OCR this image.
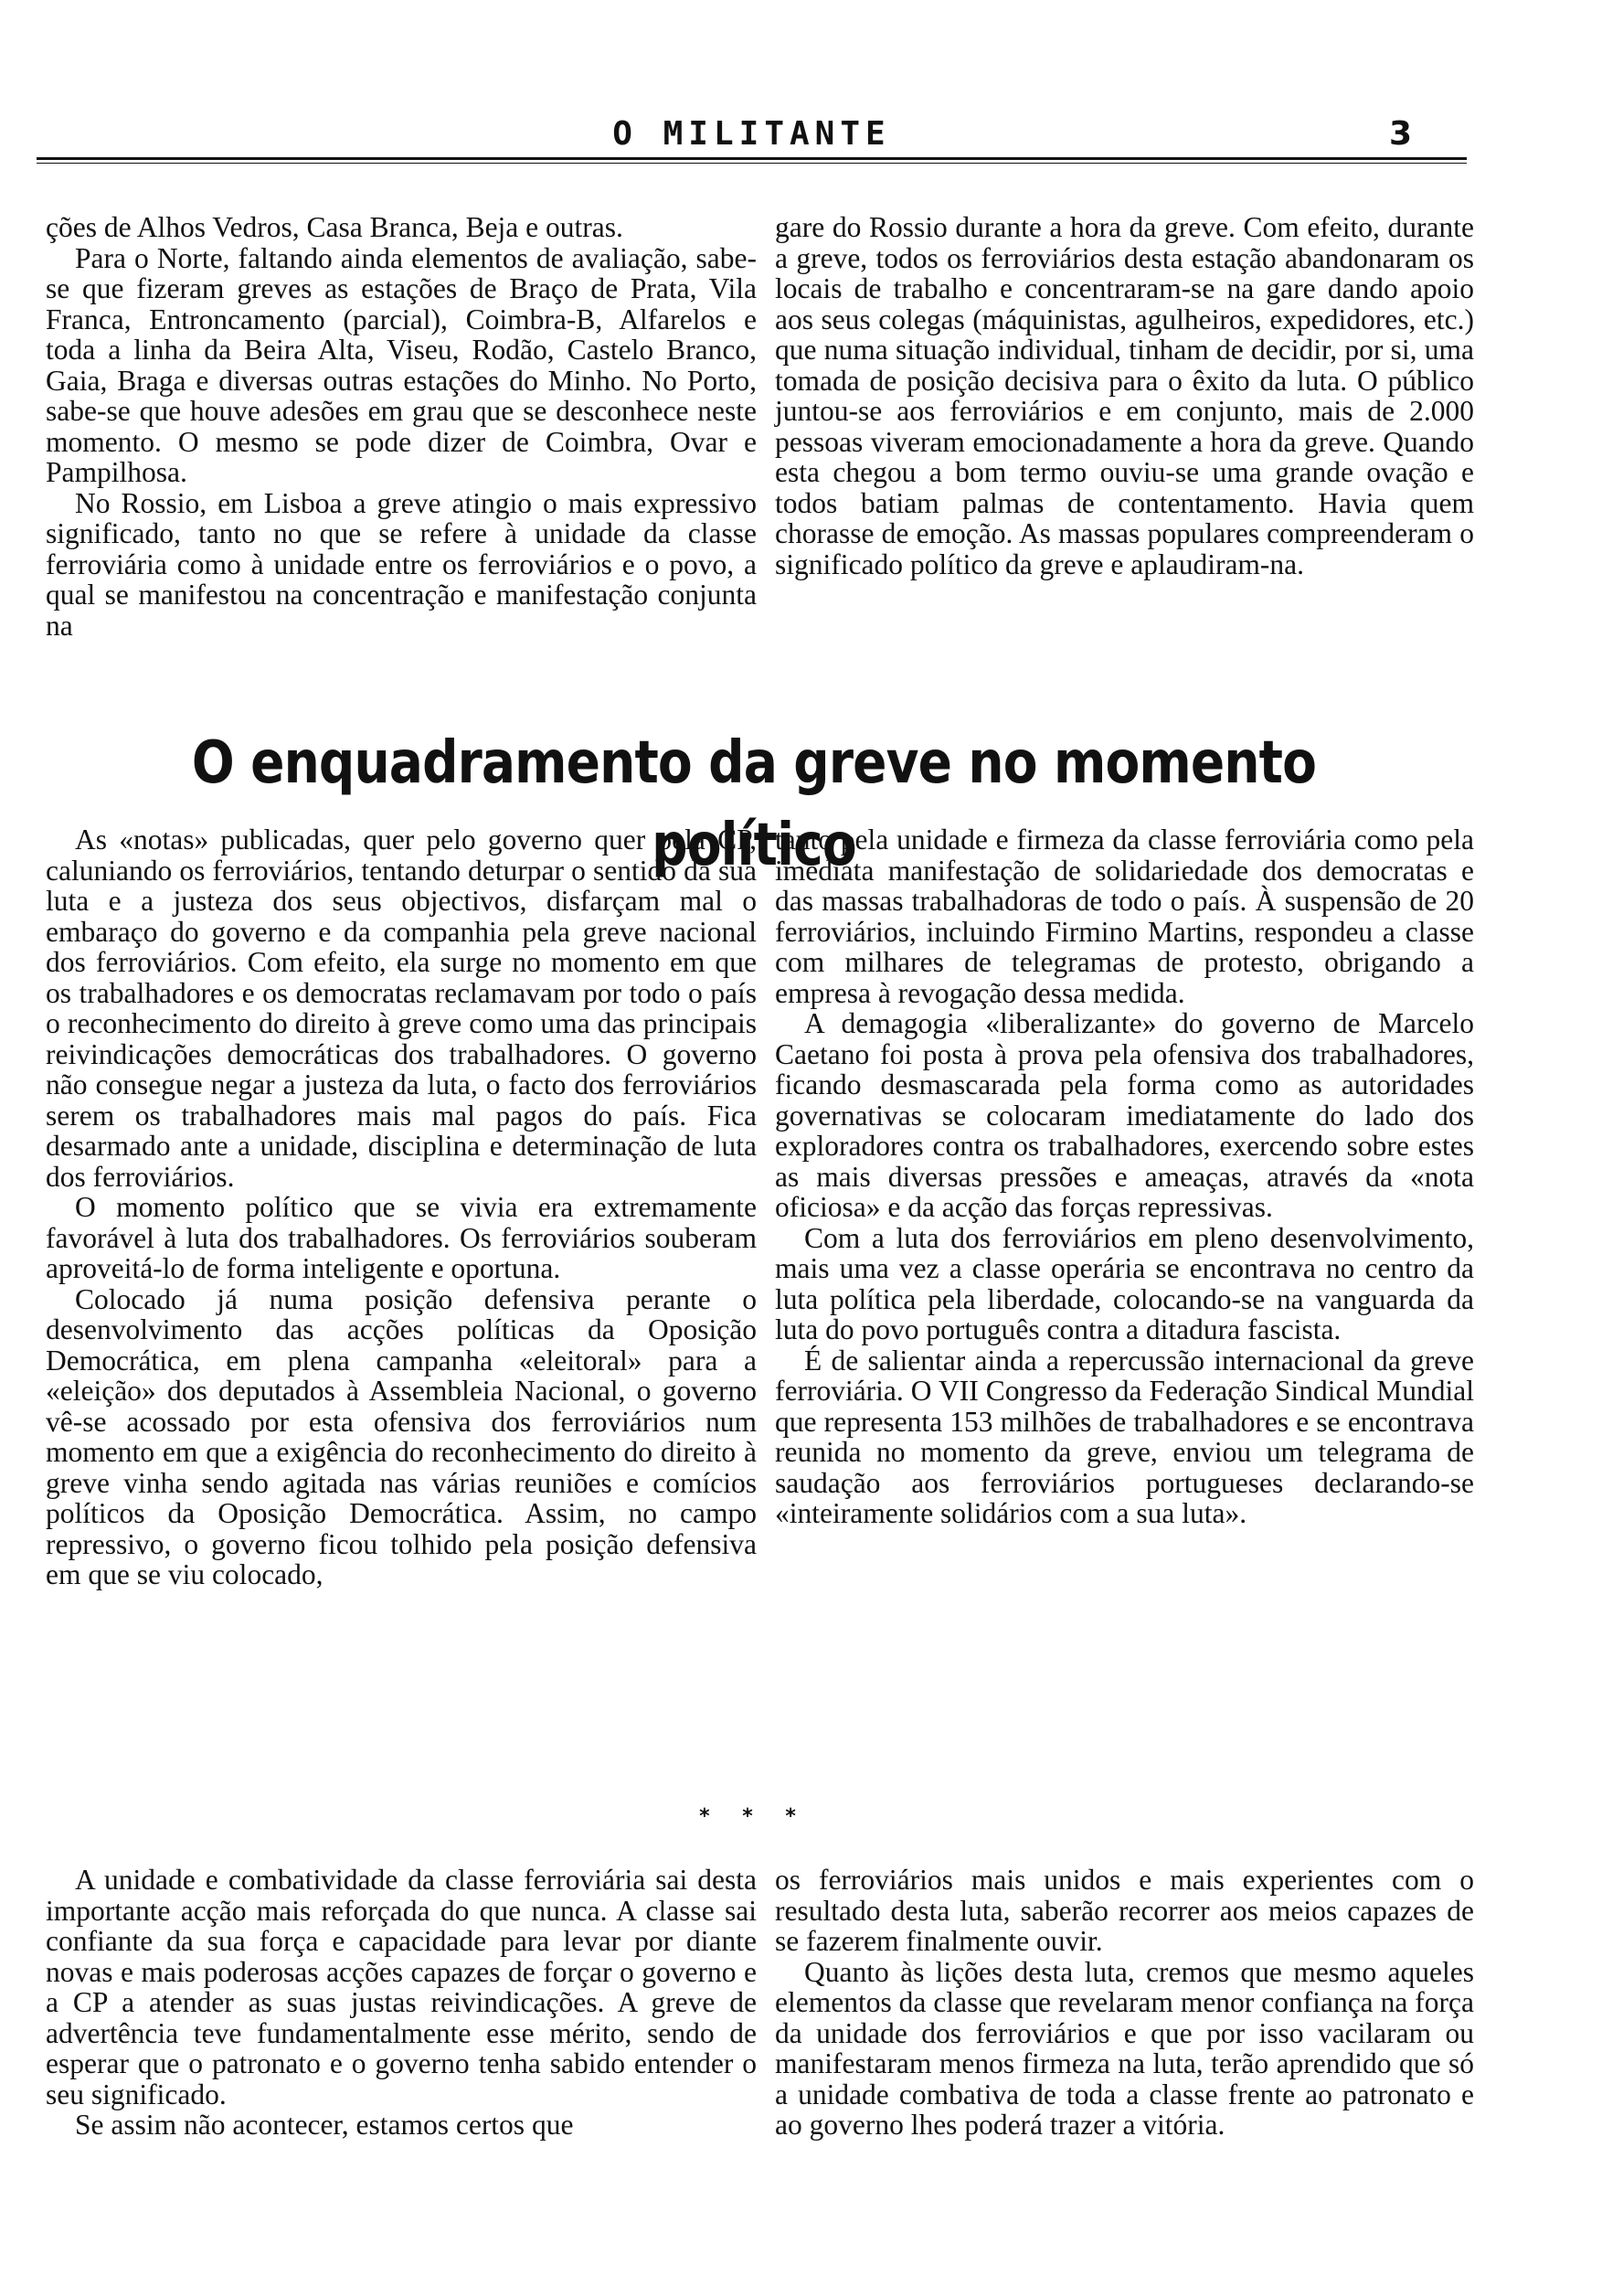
O MILITANTE	3

ções de Alhos Vedros, Casa Branca, Beja e outras.

Para o Norte, faltando ainda elementos de avaliação, sabe-se que fizeram greves as estações de Braço de Prata, Vila Franca, Entroncamento (parcial), Coimbra-B, Alfarelos e toda a linha da Beira Alta, Viseu, Rodão, Castelo Branco, Gaia, Braga e diversas outras estações do Minho. No Porto, sabe-se que houve adesões em grau que se desconhece neste momento. O mesmo se pode dizer de Coimbra, Ovar e Pampilhosa.

No Rossio, em Lisboa a greve atingio o mais expressivo significado, tanto no que se refere à unidade da classe ferroviária como à unidade entre os ferroviários e o povo, a qual se manifestou na concentração e manifestação conjunta na

gare do Rossio durante a hora da greve. Com efeito, durante a greve, todos os ferroviários desta estação abandonaram os locais de trabalho e concentraram-se na gare dando apoio aos seus colegas (máquinistas, agulheiros, expedidores, etc.) que numa situação individual, tinham de decidir, por si, uma tomada de posição decisiva para o êxito da luta. O público juntou-se aos ferroviários e em conjunto, mais de 2.000 pessoas viveram emocionadamente a hora da greve. Quando esta chegou a bom termo ouviu-se uma grande ovação e todos batiam palmas de contentamento. Havia quem chorasse de emoção. As massas populares compreenderam o significado político da greve e aplaudiram-na.

O enquadramento da greve no momento político

As «notas» publicadas, quer pelo governo quer pela CP, caluniando os ferroviários, tentando deturpar o sentido da sua luta e a justeza dos seus objectivos, disfarçam mal o embaraço do governo e da companhia pela greve nacional dos ferroviários. Com efeito, ela surge no momento em que os trabalhadores e os democratas reclamavam por todo o país o reconhecimento do direito à greve como uma das principais reivindicações democráticas dos trabalhadores. O governo não consegue negar a justeza da luta, o facto dos ferroviários serem os trabalhadores mais mal pagos do país. Fica desarmado ante a unidade, disciplina e determinação de luta dos ferroviários.

O momento político que se vivia era extremamente favorável à luta dos trabalhadores. Os ferroviários souberam aproveitá-lo de forma inteligente e oportuna.

Colocado já numa posição defensiva perante o desenvolvimento das acções políticas da Oposição Democrática, em plena campanha «eleitoral» para a «eleição» dos deputados à Assembleia Nacional, o governo vê-se acossado por esta ofensiva dos ferroviários num momento em que a exigência do reconhecimento do direito à greve vinha sendo agitada nas várias reuniões e comícios políticos da Oposição Democrática. Assim, no campo repressivo, o governo ficou tolhido pela posição defensiva em que se viu colocado,

tanto pela unidade e firmeza da classe ferroviária como pela imediata manifestação de solidariedade dos democratas e das massas trabalhadoras de todo o país. À suspensão de 20 ferroviários, incluindo Firmino Martins, respondeu a classe com milhares de telegramas de protesto, obrigando a empresa à revogação dessa medida.

A demagogia «liberalizante» do governo de Marcelo Caetano foi posta à prova pela ofensiva dos trabalhadores, ficando desmascarada pela forma como as autoridades governativas se colocaram imediatamente do lado dos exploradores contra os trabalhadores, exercendo sobre estes as mais diversas pressões e ameaças, através da «nota oficiosa» e da acção das forças repressivas.

Com a luta dos ferroviários em pleno desenvolvimento, mais uma vez a classe operária se encontrava no centro da luta política pela liberdade, colocando-se na vanguarda da luta do povo português contra a ditadura fascista.

É de salientar ainda a repercussão internacional da greve ferroviária. O VII Congresso da Federação Sindical Mundial que representa 153 milhões de trabalhadores e se encontrava reunida no momento da greve, enviou um telegrama de saudação aos ferroviários portugueses declarando-se «inteiramente solidários com a sua luta».

* * *

A unidade e combatividade da classe ferroviária sai desta importante acção mais reforçada do que nunca. A classe sai confiante da sua força e capacidade para levar por diante novas e mais poderosas acções capazes de forçar o governo e a CP a atender as suas justas reivindicações. A greve de advertência teve fundamentalmente esse mérito, sendo de esperar que o patronato e o governo tenha sabido entender o seu significado.

Se assim não acontecer, estamos certos que

os ferroviários mais unidos e mais experientes com o resultado desta luta, saberão recorrer aos meios capazes de se fazerem finalmente ouvir.

Quanto às lições desta luta, cremos que mesmo aqueles elementos da classe que revelaram menor confiança na força da unidade dos ferroviários e que por isso vacilaram ou manifestaram menos firmeza na luta, terão aprendido que só a unidade combativa de toda a classe frente ao patronato e ao governo lhes poderá trazer a vitória.
